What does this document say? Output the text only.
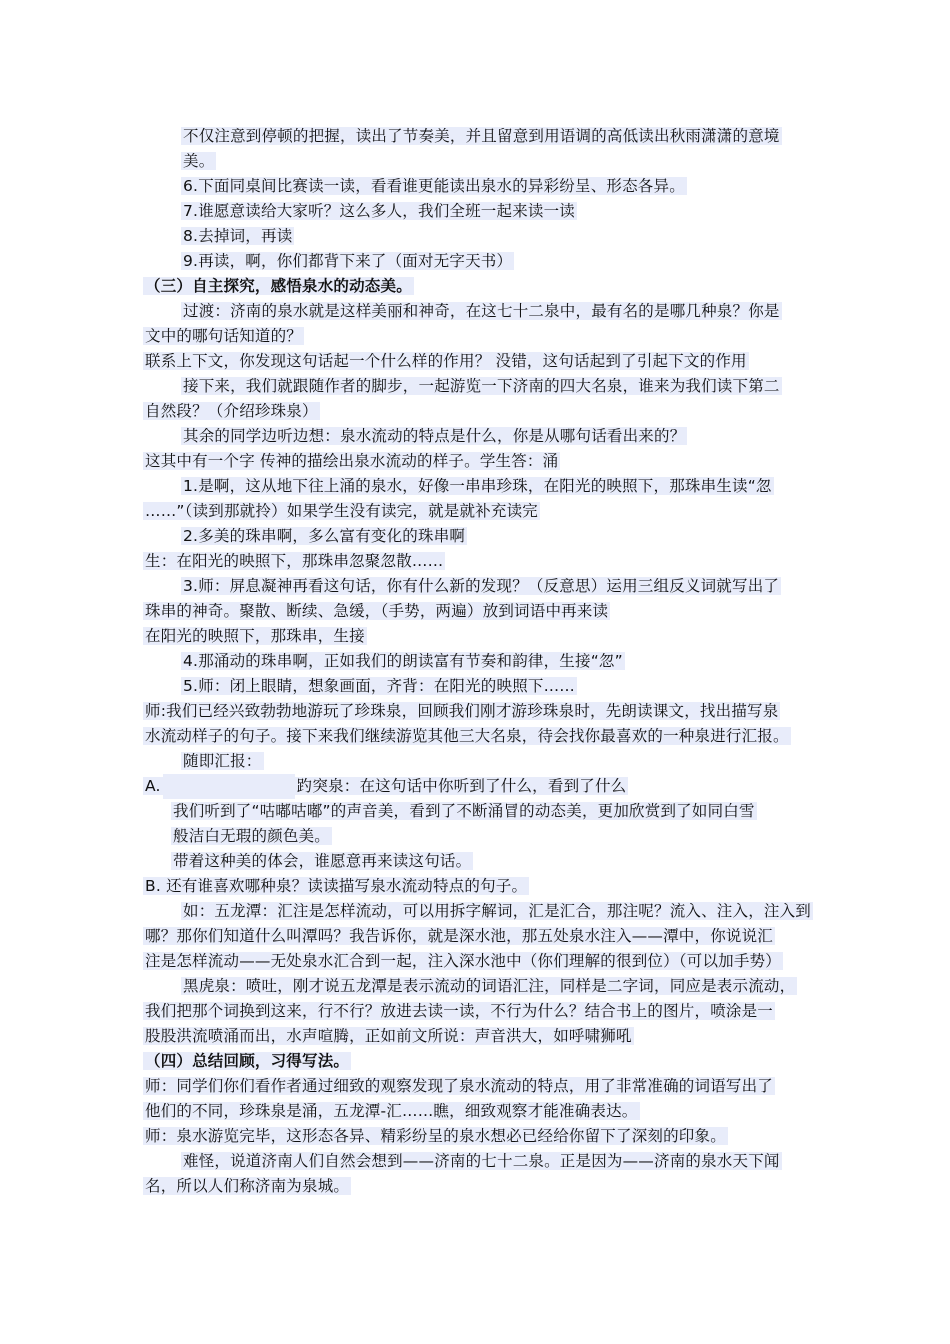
不仅注意到停顿的把握，读出了节奏美，并且留意到用语调的高低读出秋雨潇潇的意境
美。
6.下面同桌间比赛读一读，看看谁更能读出泉水的异彩纷呈、形态各异。
7.谁愿意读给大家听？这么多人，我们全班一起来读一读
8.去掉词，再读
9.再读，啊，你们都背下来了（面对无字天书）
（三）自主探究，感悟泉水的动态美。
过渡：济南的泉水就是这样美丽和神奇，在这七十二泉中，最有名的是哪几种泉？你是
文中的哪句话知道的？
联系上下文，你发现这句话起一个什么样的作用？ 没错，这句话起到了引起下文的作用
接下来，我们就跟随作者的脚步，一起游览一下济南的四大名泉，谁来为我们读下第二
自然段？（介绍珍珠泉）
其余的同学边听边想：泉水流动的特点是什么，你是从哪句话看出来的？
这其中有一个字 传神的描绘出泉水流动的样子。学生答：涌
1.是啊，这从地下往上涌的泉水，好像一串串珍珠，在阳光的映照下，那珠串生读“忽
……”（读到那就拎）如果学生没有读完，就是就补充读完
2.多美的珠串啊，多么富有变化的珠串啊
生：在阳光的映照下，那珠串忽聚忽散……
3.师：屏息凝神再看这句话，你有什么新的发现？（反意思）运用三组反义词就写出了
珠串的神奇。聚散、断续、急缓，（手势，两遍）放到词语中再来读
在阳光的映照下，那珠串，生接
4.那涌动的珠串啊，正如我们的朗读富有节奏和韵律，生接“忽”
5.师：闭上眼睛，想象画面，齐背：在阳光的映照下……
师:我们已经兴致勃勃地游玩了珍珠泉，回顾我们刚才游珍珠泉时，先朗读课文，找出描写泉
水流动样子的句子。接下来我们继续游览其他三大名泉，待会找你最喜欢的一种泉进行汇报。
随即汇报：
A.	趵突泉：在这句话中你听到了什么，看到了什么
我们听到了“咕嘟咕嘟”的声音美，看到了不断涌冒的动态美，更加欣赏到了如同白雪
般洁白无瑕的颜色美。
带着这种美的体会，谁愿意再来读这句话。
B. 还有谁喜欢哪种泉？读读描写泉水流动特点的句子。
如：五龙潭：汇注是怎样流动，可以用拆字解词，汇是汇合，那注呢？流入、注入，注入到
哪？那你们知道什么叫潭吗？我告诉你，就是深水池，那五处泉水注入——潭中，你说说汇
注是怎样流动——无处泉水汇合到一起，注入深水池中（你们理解的很到位）（可以加手势）
黑虎泉：喷吐，刚才说五龙潭是表示流动的词语汇注，同样是二字词，同应是表示流动，
我们把那个词换到这来，行不行？放进去读一读，不行为什么？结合书上的图片，喷涂是一
股股洪流喷涌而出，水声喧腾，正如前文所说：声音洪大，如呼啸狮吼
（四）总结回顾，习得写法。
师：同学们你们看作者通过细致的观察发现了泉水流动的特点，用了非常准确的词语写出了
他们的不同，珍珠泉是涌，五龙潭-汇……瞧，细致观察才能准确表达。
师：泉水游览完毕，这形态各异、精彩纷呈的泉水想必已经给你留下了深刻的印象。
难怪，说道济南人们自然会想到——济南的七十二泉。正是因为——济南的泉水天下闻
名，所以人们称济南为泉城。
